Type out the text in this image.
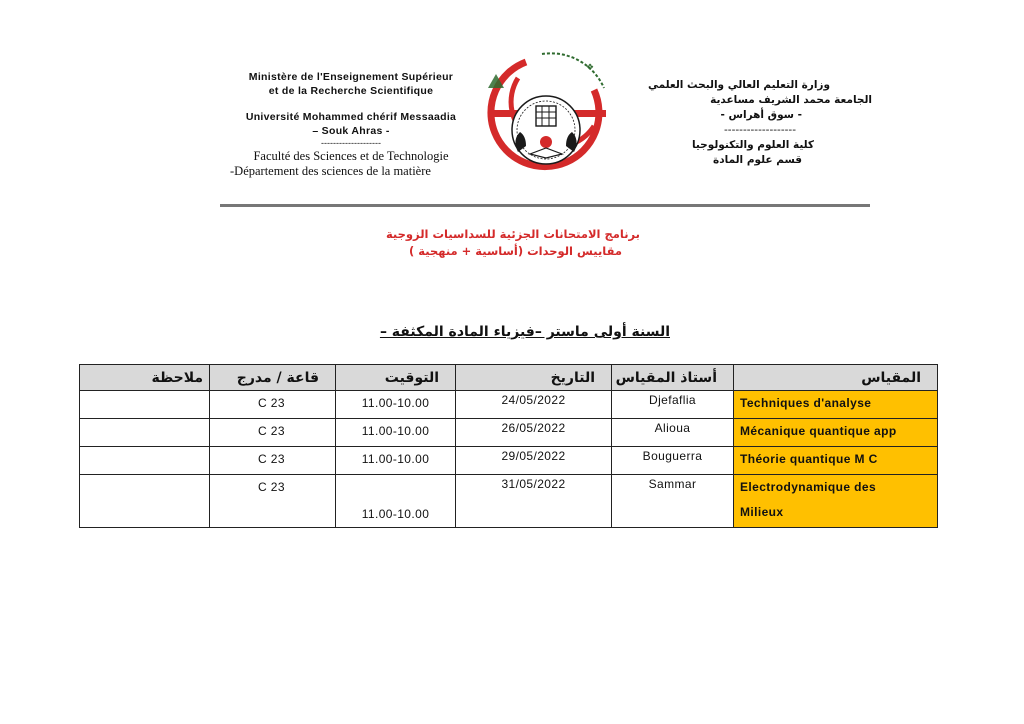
Ministère de l'Enseignement Supérieur
et de la Recherche Scientifique
Université Mohammed chérif Messaadia
– Souk Ahras -
--------------------
Faculté des Sciences et de Technologie
-Département des sciences de la matière
❖
وزارة التعليم العالي والبحث العلمي
الجامعة محمد الشريف مساعدية
- سوق أهراس -
-------------------
كلية العلوم والتكنولوجيا
قسم علوم المادة
برنامج الامتحانات الجزئية للسداسيات الزوجية
مقاييس الوحدات (أساسية + منهجية )
السنة أولى ماستر –فيزياء المادة المكثفة –
ملاحظة	قاعة / مدرج	التوقيت	التاريخ	أستاذ المقياس	المقياس
	C 23	11.00-10.00	24/05/2022	Djefaflia	Techniques d'analyse
	C 23	11.00-10.00	26/05/2022	Alioua	Mécanique quantique app
	C 23	11.00-10.00	29/05/2022	Bouguerra	Théorie quantique M C
	C 23	11.00-10.00	31/05/2022	Sammar	Electrodynamique des
Milieux
